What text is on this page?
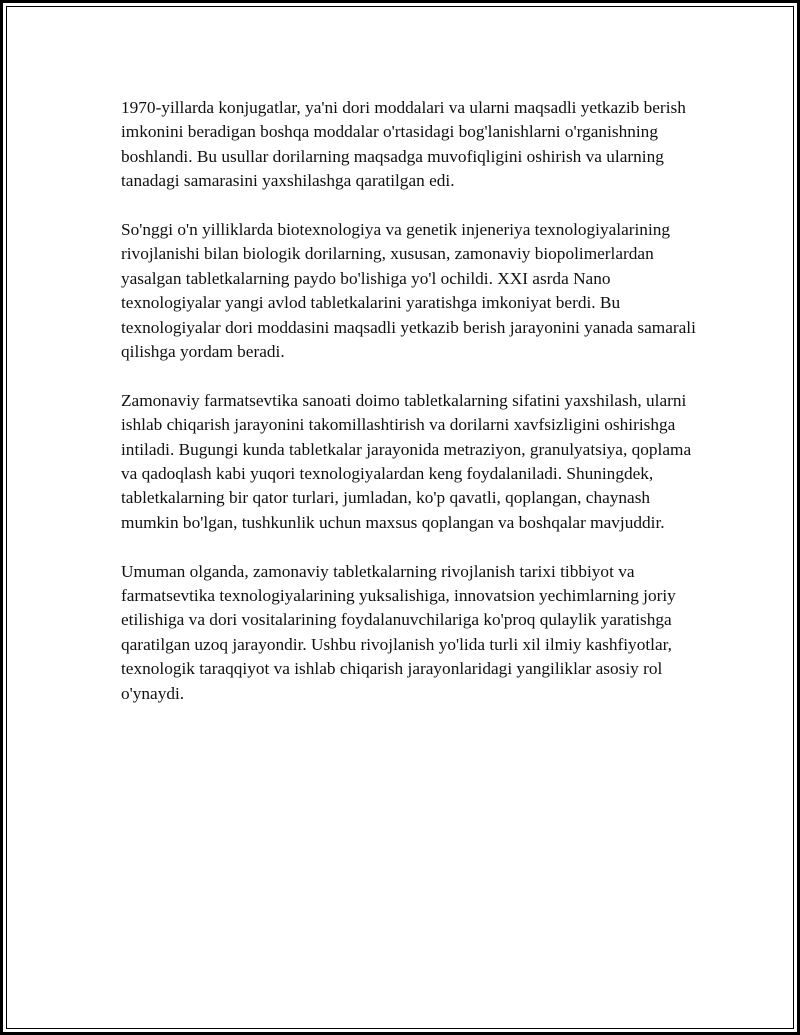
1970-yillarda konjugatlar, ya'ni dori moddalari va ularni maqsadli yetkazib berish imkonini beradigan boshqa moddalar o'rtasidagi bog'lanishlarni o'rganishning boshlandi. Bu usullar dorilarning maqsadga muvofiqligini oshirish va ularning tanadagi samarasini yaxshilashga qaratilgan edi.

So'nggi o'n yilliklarda biotexnologiya va genetik injeneriya texnologiyalarining rivojlanishi bilan biologik dorilarning, xususan, zamonaviy biopolimerlardan yasalgan tabletkalarning paydo bo'lishiga yo'l ochildi. XXI asrda Nano texnologiyalar yangi avlod tabletkalarini yaratishga imkoniyat berdi. Bu texnologiyalar dori moddasini maqsadli yetkazib berish jarayonini yanada samarali qilishga yordam beradi.

Zamonaviy farmatsevtika sanoati doimo tabletkalarning sifatini yaxshilash, ularni ishlab chiqarish jarayonini takomillashtirish va dorilarni xavfsizligini oshirishga intiladi. Bugungi kunda tabletkalar jarayonida metraziyon, granulyatsiya, qoplama va qadoqlash kabi yuqori texnologiyalardan keng foydalaniladi. Shuningdek, tabletkalarning bir qator turlari, jumladan, ko'p qavatli, qoplangan, chaynash mumkin bo'lgan, tushkunlik uchun maxsus qoplangan va boshqalar mavjuddir.

Umuman olganda, zamonaviy tabletkalarning rivojlanish tarixi tibbiyot va farmatsevtika texnologiyalarining yuksalishiga, innovatsion yechimlarning joriy etilishiga va dori vositalarining foydalanuvchilariga ko'proq qulaylik yaratishga qaratilgan uzoq jarayondir. Ushbu rivojlanish yo'lida turli xil ilmiy kashfiyotlar, texnologik taraqqiyot va ishlab chiqarish jarayonlaridagi yangiliklar asosiy rol o'ynaydi.
